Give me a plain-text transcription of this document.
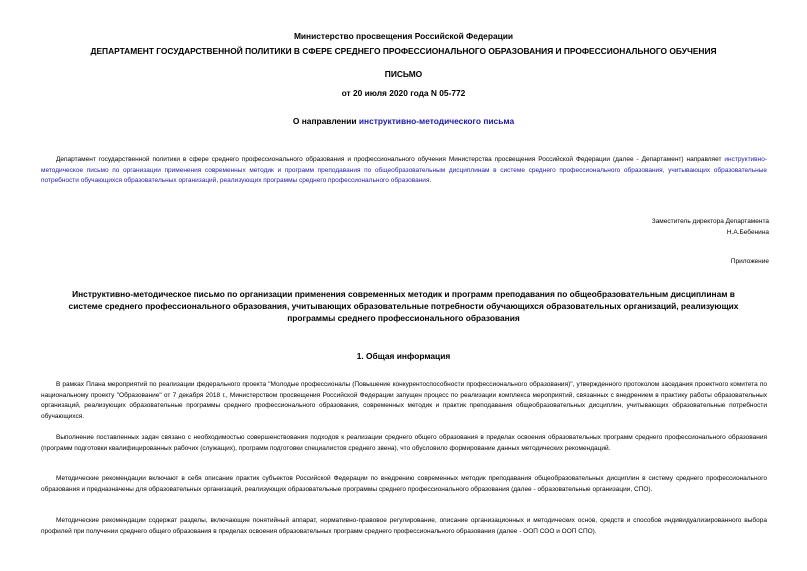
Министерство просвещения Российской Федерации
ДЕПАРТАМЕНТ ГОСУДАРСТВЕННОЙ ПОЛИТИКИ В СФЕРЕ СРЕДНЕГО ПРОФЕССИОНАЛЬНОГО ОБРАЗОВАНИЯ И ПРОФЕССИОНАЛЬНОГО ОБУЧЕНИЯ
ПИСЬМО
от 20 июля 2020 года N 05-772
О направлении инструктивно-методического письма
Департамент государственной политики в сфере среднего профессионального образования и профессионального обучения Министерства просвещения Российской Федерации (далее - Департамент) направляет инструктивно-методическое письмо по организации применения современных методик и программ преподавания по общеобразовательным дисциплинам в системе среднего профессионального образования, учитывающих образовательные потребности обучающихся образовательных организаций, реализующих программы среднего профессионального образования.
Заместитель директора Департамента
Н.А.Бебенина
Приложение
Инструктивно-методическое письмо по организации применения современных методик и программ преподавания по общеобразовательным дисциплинам в системе среднего профессионального образования, учитывающих образовательные потребности обучающихся образовательных организаций, реализующих программы среднего профессионального образования
1. Общая информация
В рамках Плана мероприятий по реализации федерального проекта "Молодые профессионалы (Повышение конкурентоспособности профессионального образования)", утвержденного протоколом заседания проектного комитета по национальному проекту "Образование" от 7 декабря 2018 г., Министерством просвещения Российской Федерации запущен процесс по реализации комплекса мероприятий, связанных с внедрением в практику работы образовательных организаций, реализующих образовательные программы среднего профессионального образования, современных методик и практик преподавания общеобразовательных дисциплин, учитывающих образовательные потребности обучающихся.
Выполнение поставленных задач связано с необходимостью совершенствования подходов к реализации среднего общего образования в пределах освоения образовательных программ среднего профессионального образования (программ подготовки квалифицированных рабочих (служащих), программ подготовки специалистов среднего звена), что обусловило формирование данных методических рекомендаций.
Методические рекомендации включают в себя описание практик субъектов Российской Федерации по внедрению современных методик преподавания общеобразовательных дисциплин в систему среднего профессионального образования и предназначены для образовательных организаций, реализующих образовательные программы среднего профессионального образования (далее - образовательные организации, СПО).
Методические рекомендации содержат разделы, включающие понятийный аппарат, нормативно-правовое регулирование, описание организационных и методических основ, средств и способов индивидуализированного выбора профилей при получении среднего общего образования в пределах освоения образовательных программ среднего профессионального образования (далее - ООП СОО и ООП СПО).
